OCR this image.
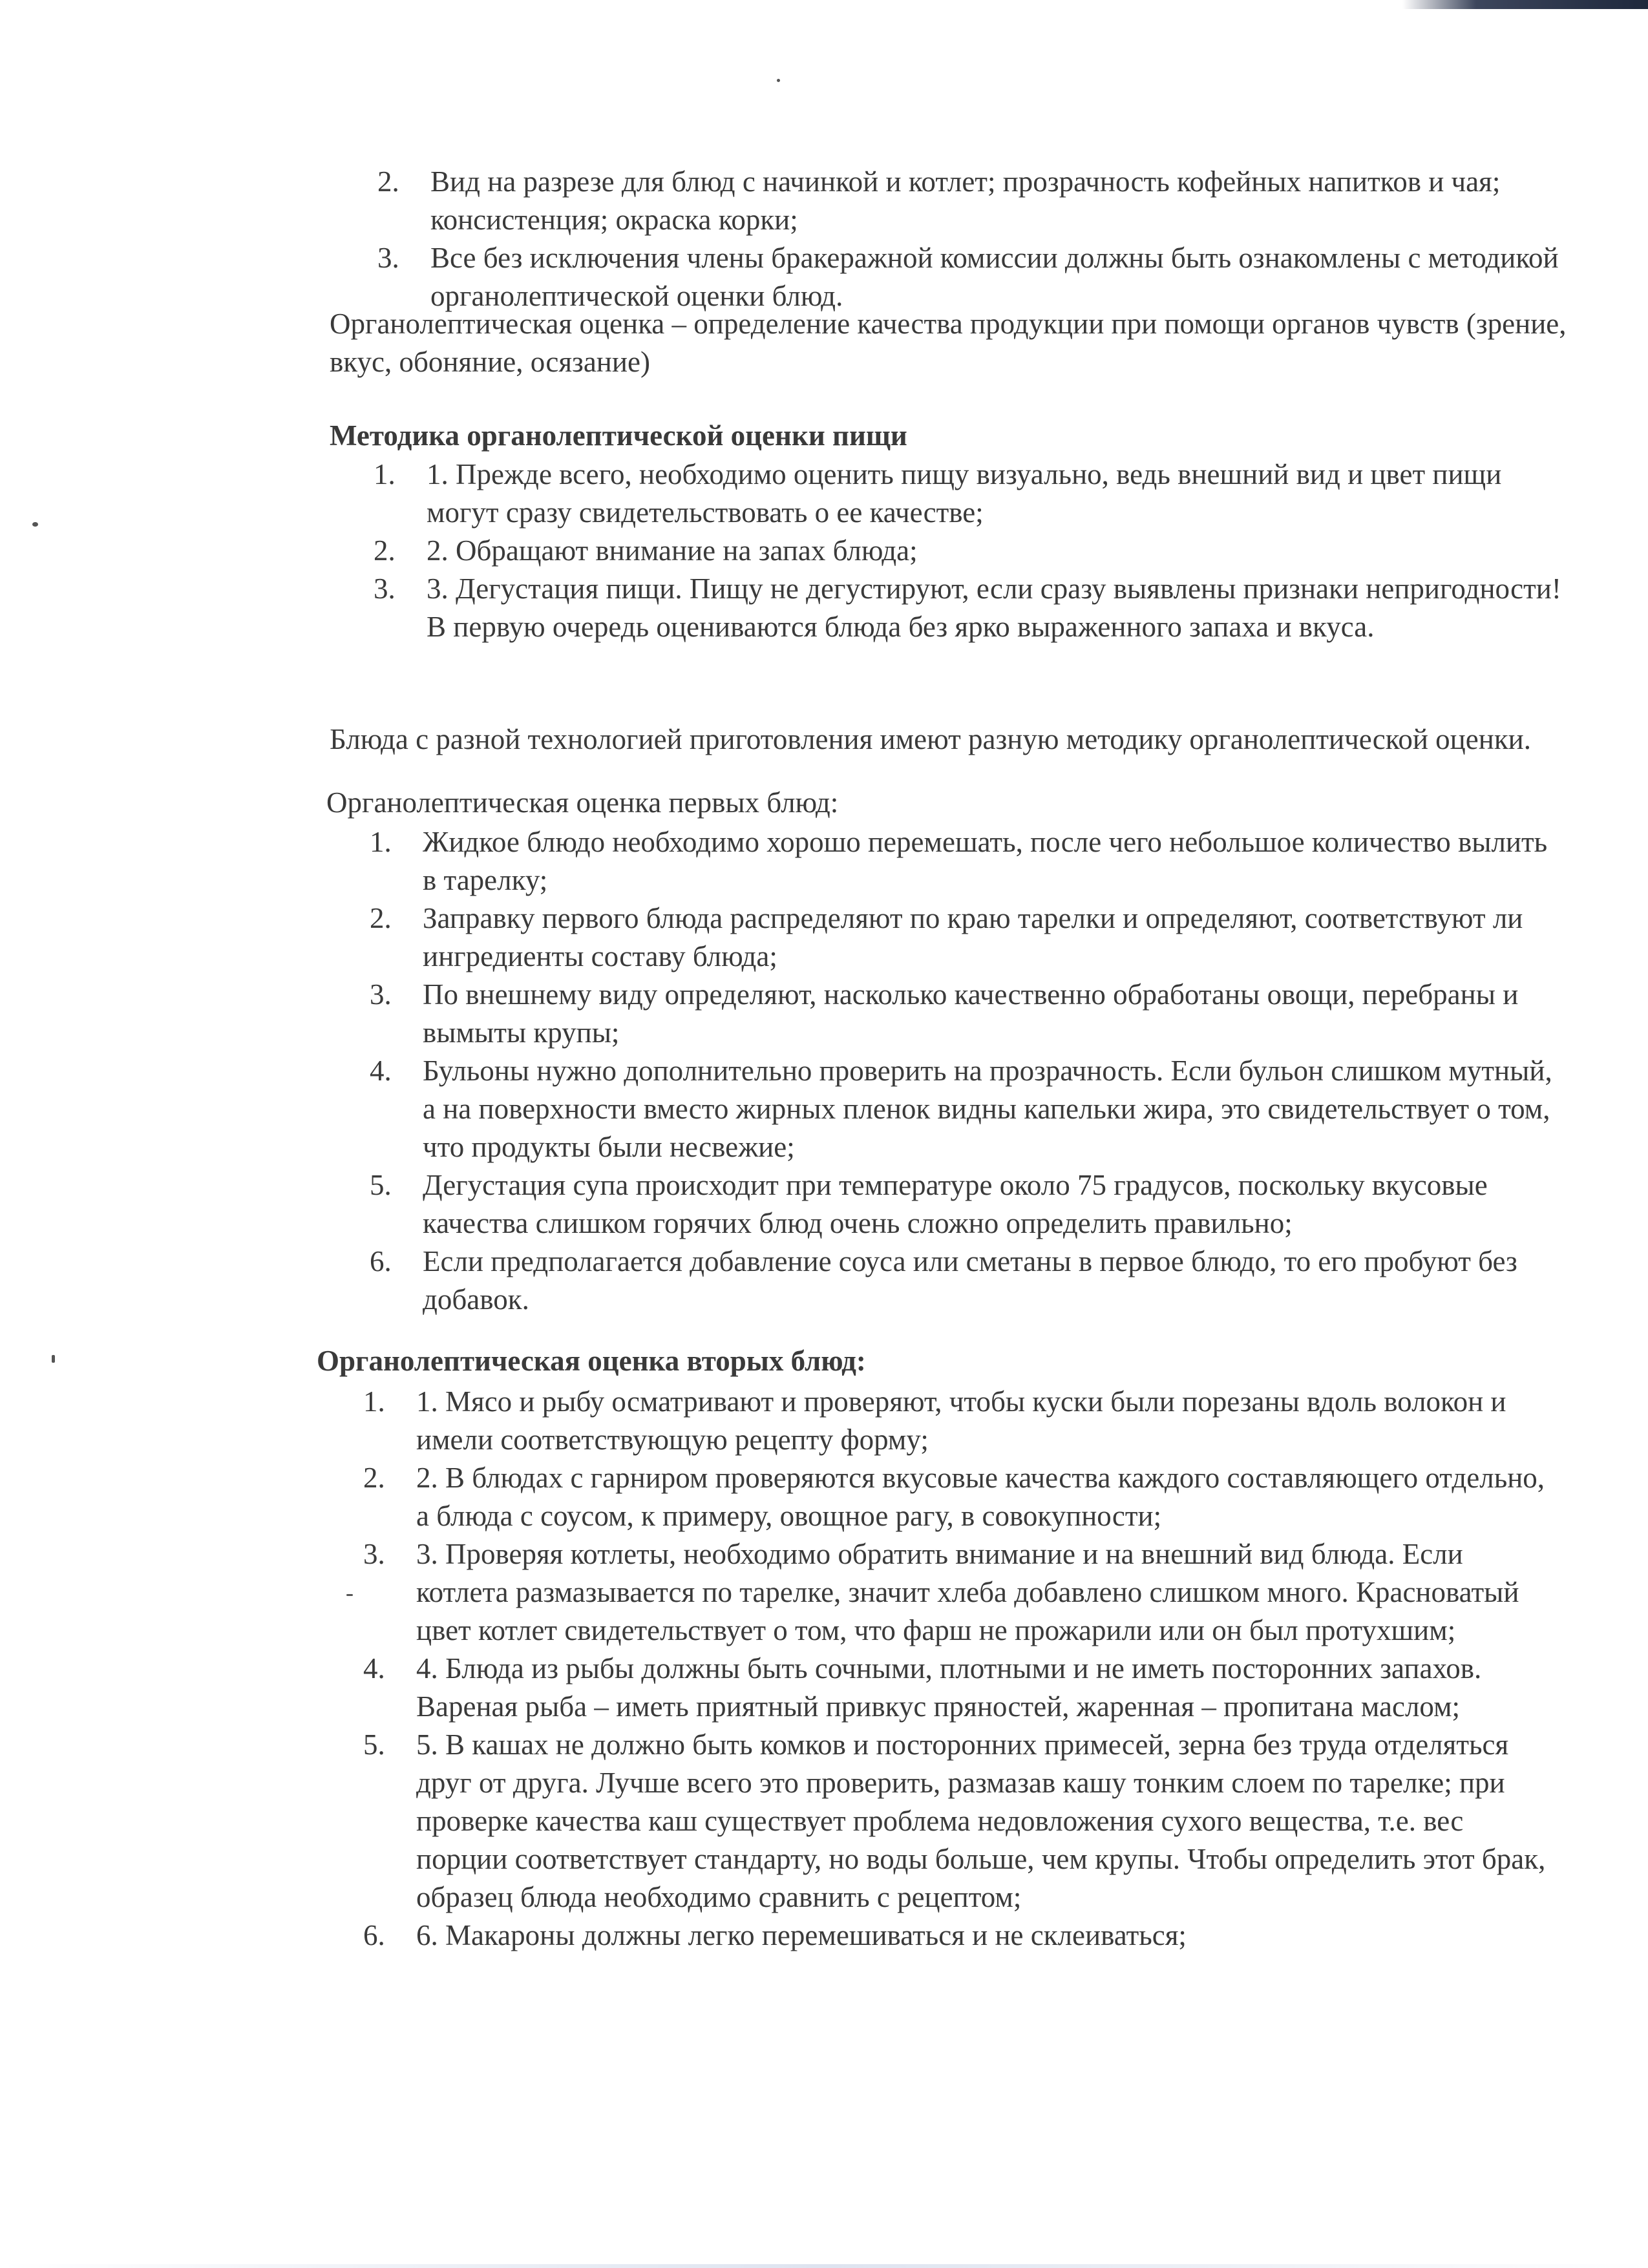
2. Вид на разрезе для блюд с начинкой и котлет; прозрачность кофейных напитков и чая; консистенция; окраска корки;
3. Все без исключения члены бракеражной комиссии должны быть ознакомлены с методикой органолептической оценки блюд.

Органолептическая оценка – определение качества продукции при помощи органов чувств (зрение, вкус, обоняние, осязание)

Методика органолептической оценки пищи

1. 1. Прежде всего, необходимо оценить пищу визуально, ведь внешний вид и цвет пищи могут сразу свидетельствовать о ее качестве;
2. 2. Обращают внимание на запах блюда;
3. 3. Дегустация пищи. Пищу не дегустируют, если сразу выявлены признаки непригодности! В первую очередь оцениваются блюда без ярко выраженного запаха и вкуса.

Блюда с разной технологией приготовления имеют разную методику органолептической оценки.

Органолептическая оценка первых блюд:

1. Жидкое блюдо необходимо хорошо перемешать, после чего небольшое количество вылить в тарелку;
2. Заправку первого блюда распределяют по краю тарелки и определяют, соответствуют ли ингредиенты составу блюда;
3. По внешнему виду определяют, насколько качественно обработаны овощи, перебраны и вымыты крупы;
4. Бульоны нужно дополнительно проверить на прозрачность. Если бульон слишком мутный, а на поверхности вместо жирных пленок видны капельки жира, это свидетельствует о том, что продукты были несвежие;
5. Дегустация супа происходит при температуре около 75 градусов, поскольку вкусовые качества слишком горячих блюд очень сложно определить правильно;
6. Если предполагается добавление соуса или сметаны в первое блюдо, то его пробуют без добавок.

Органолептическая оценка вторых блюд:

1. 1. Мясо и рыбу осматривают и проверяют, чтобы куски были порезаны вдоль волокон и имели соответствующую рецепту форму;
2. 2. В блюдах с гарниром проверяются вкусовые качества каждого составляющего отдельно, а блюда с соусом, к примеру, овощное рагу, в совокупности;
3. 3. Проверяя котлеты, необходимо обратить внимание и на внешний вид блюда. Если котлета размазывается по тарелке, значит хлеба добавлено слишком много. Красноватый цвет котлет свидетельствует о том, что фарш не прожарили или он был протухшим;
4. 4. Блюда из рыбы должны быть сочными, плотными и не иметь посторонних запахов. Вареная рыба – иметь приятный привкус пряностей, жаренная – пропитана маслом;
5. 5. В кашах не должно быть комков и посторонних примесей, зерна без труда отделяться друг от друга. Лучше всего это проверить, размазав кашу тонким слоем по тарелке; при проверке качества каш существует проблема недовложения сухого вещества, т.е. вес порции соответствует стандарту, но воды больше, чем крупы. Чтобы определить этот брак, образец блюда необходимо сравнить с рецептом;
6. 6. Макароны должны легко перемешиваться и не склеиваться;
